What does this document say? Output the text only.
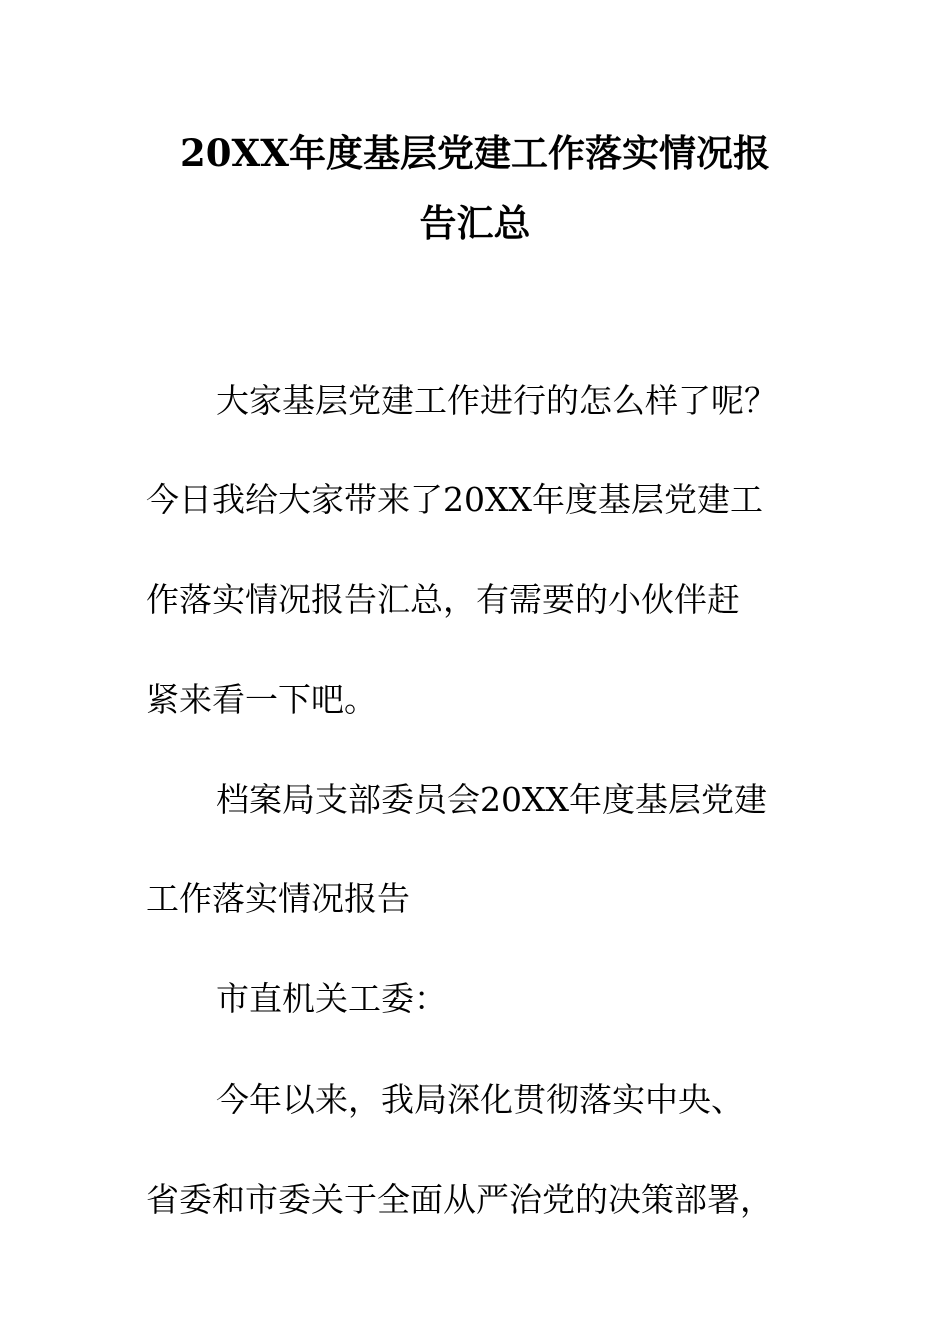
20XX年度基层党建工作落实情况报
告汇总
大家基层党建工作进行的怎么样了呢？
今日我给大家带来了20XX年度基层党建工
作落实情况报告汇总，有需要的小伙伴赶
紧来看一下吧。
档案局支部委员会20XX年度基层党建
工作落实情况报告
市直机关工委：
今年以来，我局深化贯彻落实中央、
省委和市委关于全面从严治党的决策部署，
